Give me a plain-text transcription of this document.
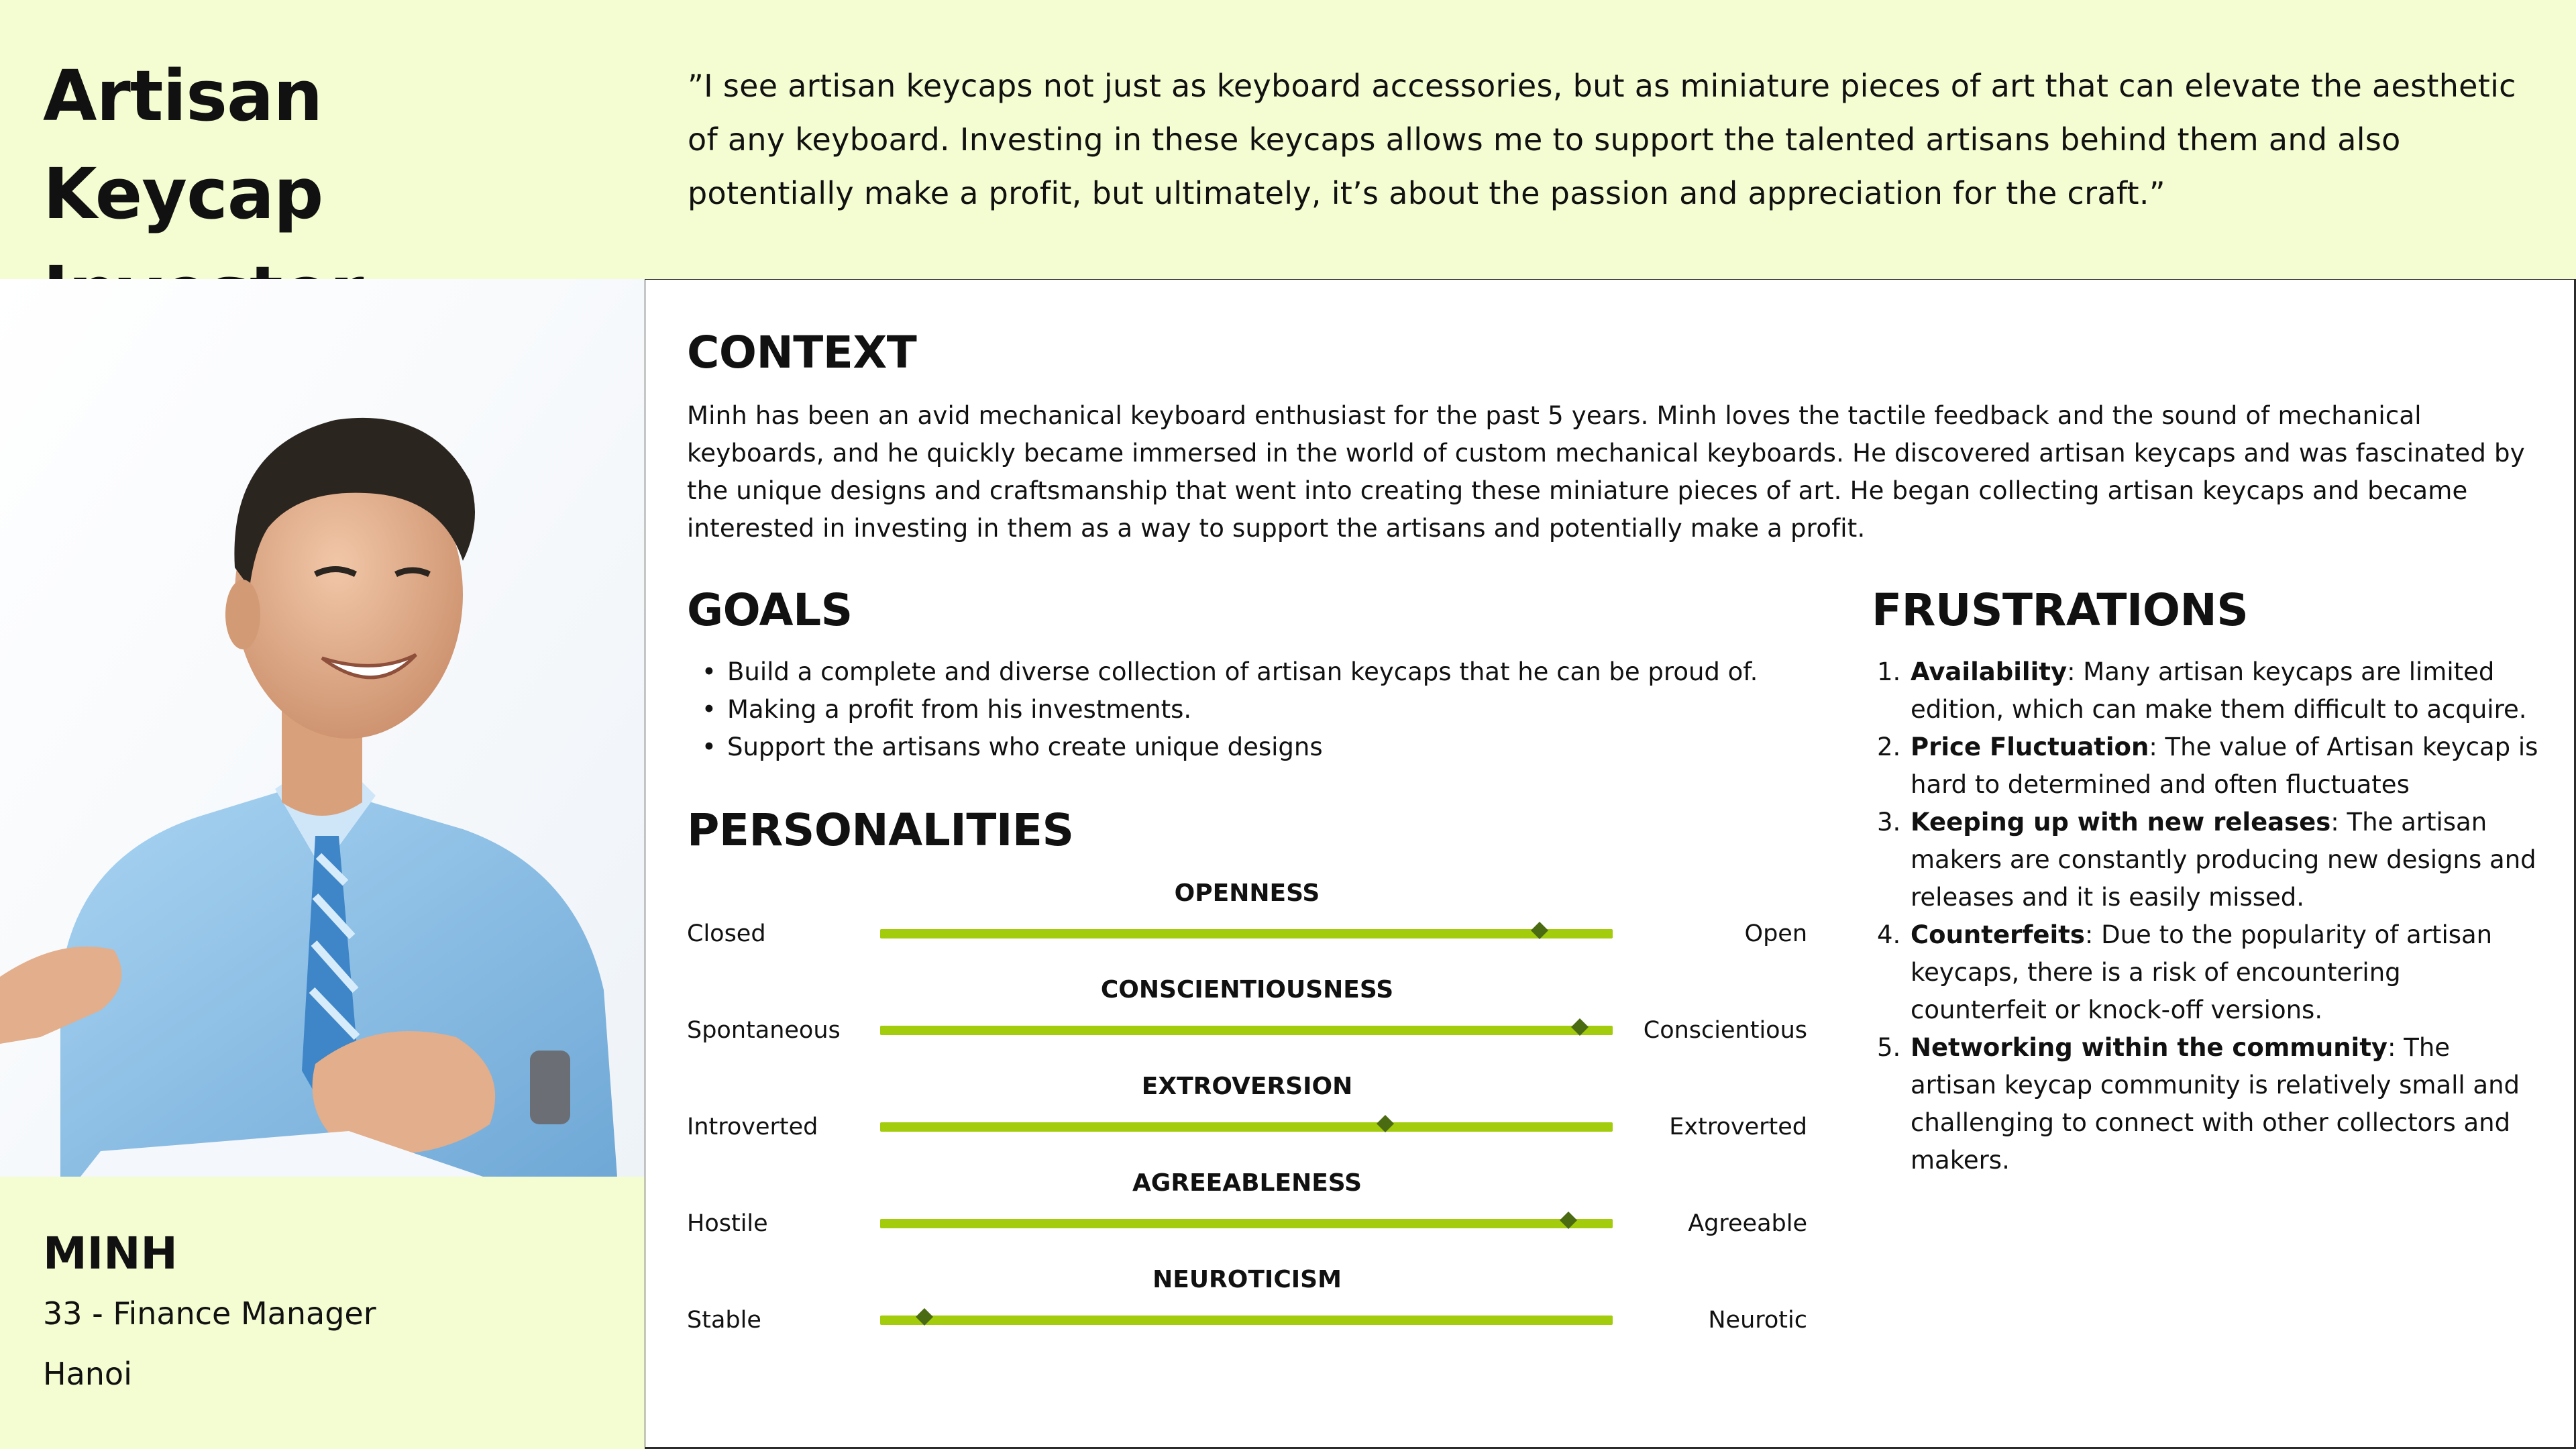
Artisan Keycap

”I see artisan keycaps not just as keyboard accessories, but as miniature pieces of art that can elevate the aesthetic of any keyboard. Investing in these keycaps allows me to support the talented artisans behind them and also potentially make a profit, but ultimately, it’s about the passion and appreciation for the craft.”

MINH
33 - Finance Manager
Hanoi
CONTEXT

Minh has been an avid mechanical keyboard enthusiast for the past 5 years. Minh loves the tactile feedback and the sound of mechanical keyboards, and he quickly became immersed in the world of custom mechanical keyboards. He discovered artisan keycaps and was fascinated by the unique designs and craftsmanship that went into creating these miniature pieces of art. He began collecting artisan keycaps and became interested in investing in them as a way to support the artisans and potentially make a profit.

GOALS
• Build a complete and diverse collection of artisan keycaps that he can be proud of.
• Making a profit from his investments.
• Support the artisans who create unique designs
FRUSTRATIONS
1. Availability: Many artisan keycaps are limited edition, which can make them difficult to acquire.
2. Price Fluctuation: The value of Artisan keycap is hard to determined and often fluctuates
3. Keeping up with new releases: The artisan makers are constantly producing new designs and releases and it is easily missed.
4. Counterfeits: Due to the popularity of artisan keycaps, there is a risk of encountering counterfeit or knock-off versions.
5. Networking within the community: The artisan keycap community is relatively small and challenging to connect with other collectors and makers.
PERSONALITIES
OPENNESS
Closed	Open
CONSCIENTIOUSNESS
Spontaneous	Conscientious
EXTROVERSION
Introverted	Extroverted
AGREEABLENESS
Hostile	Agreeable
NEUROTICISM
Stable	Neurotic
